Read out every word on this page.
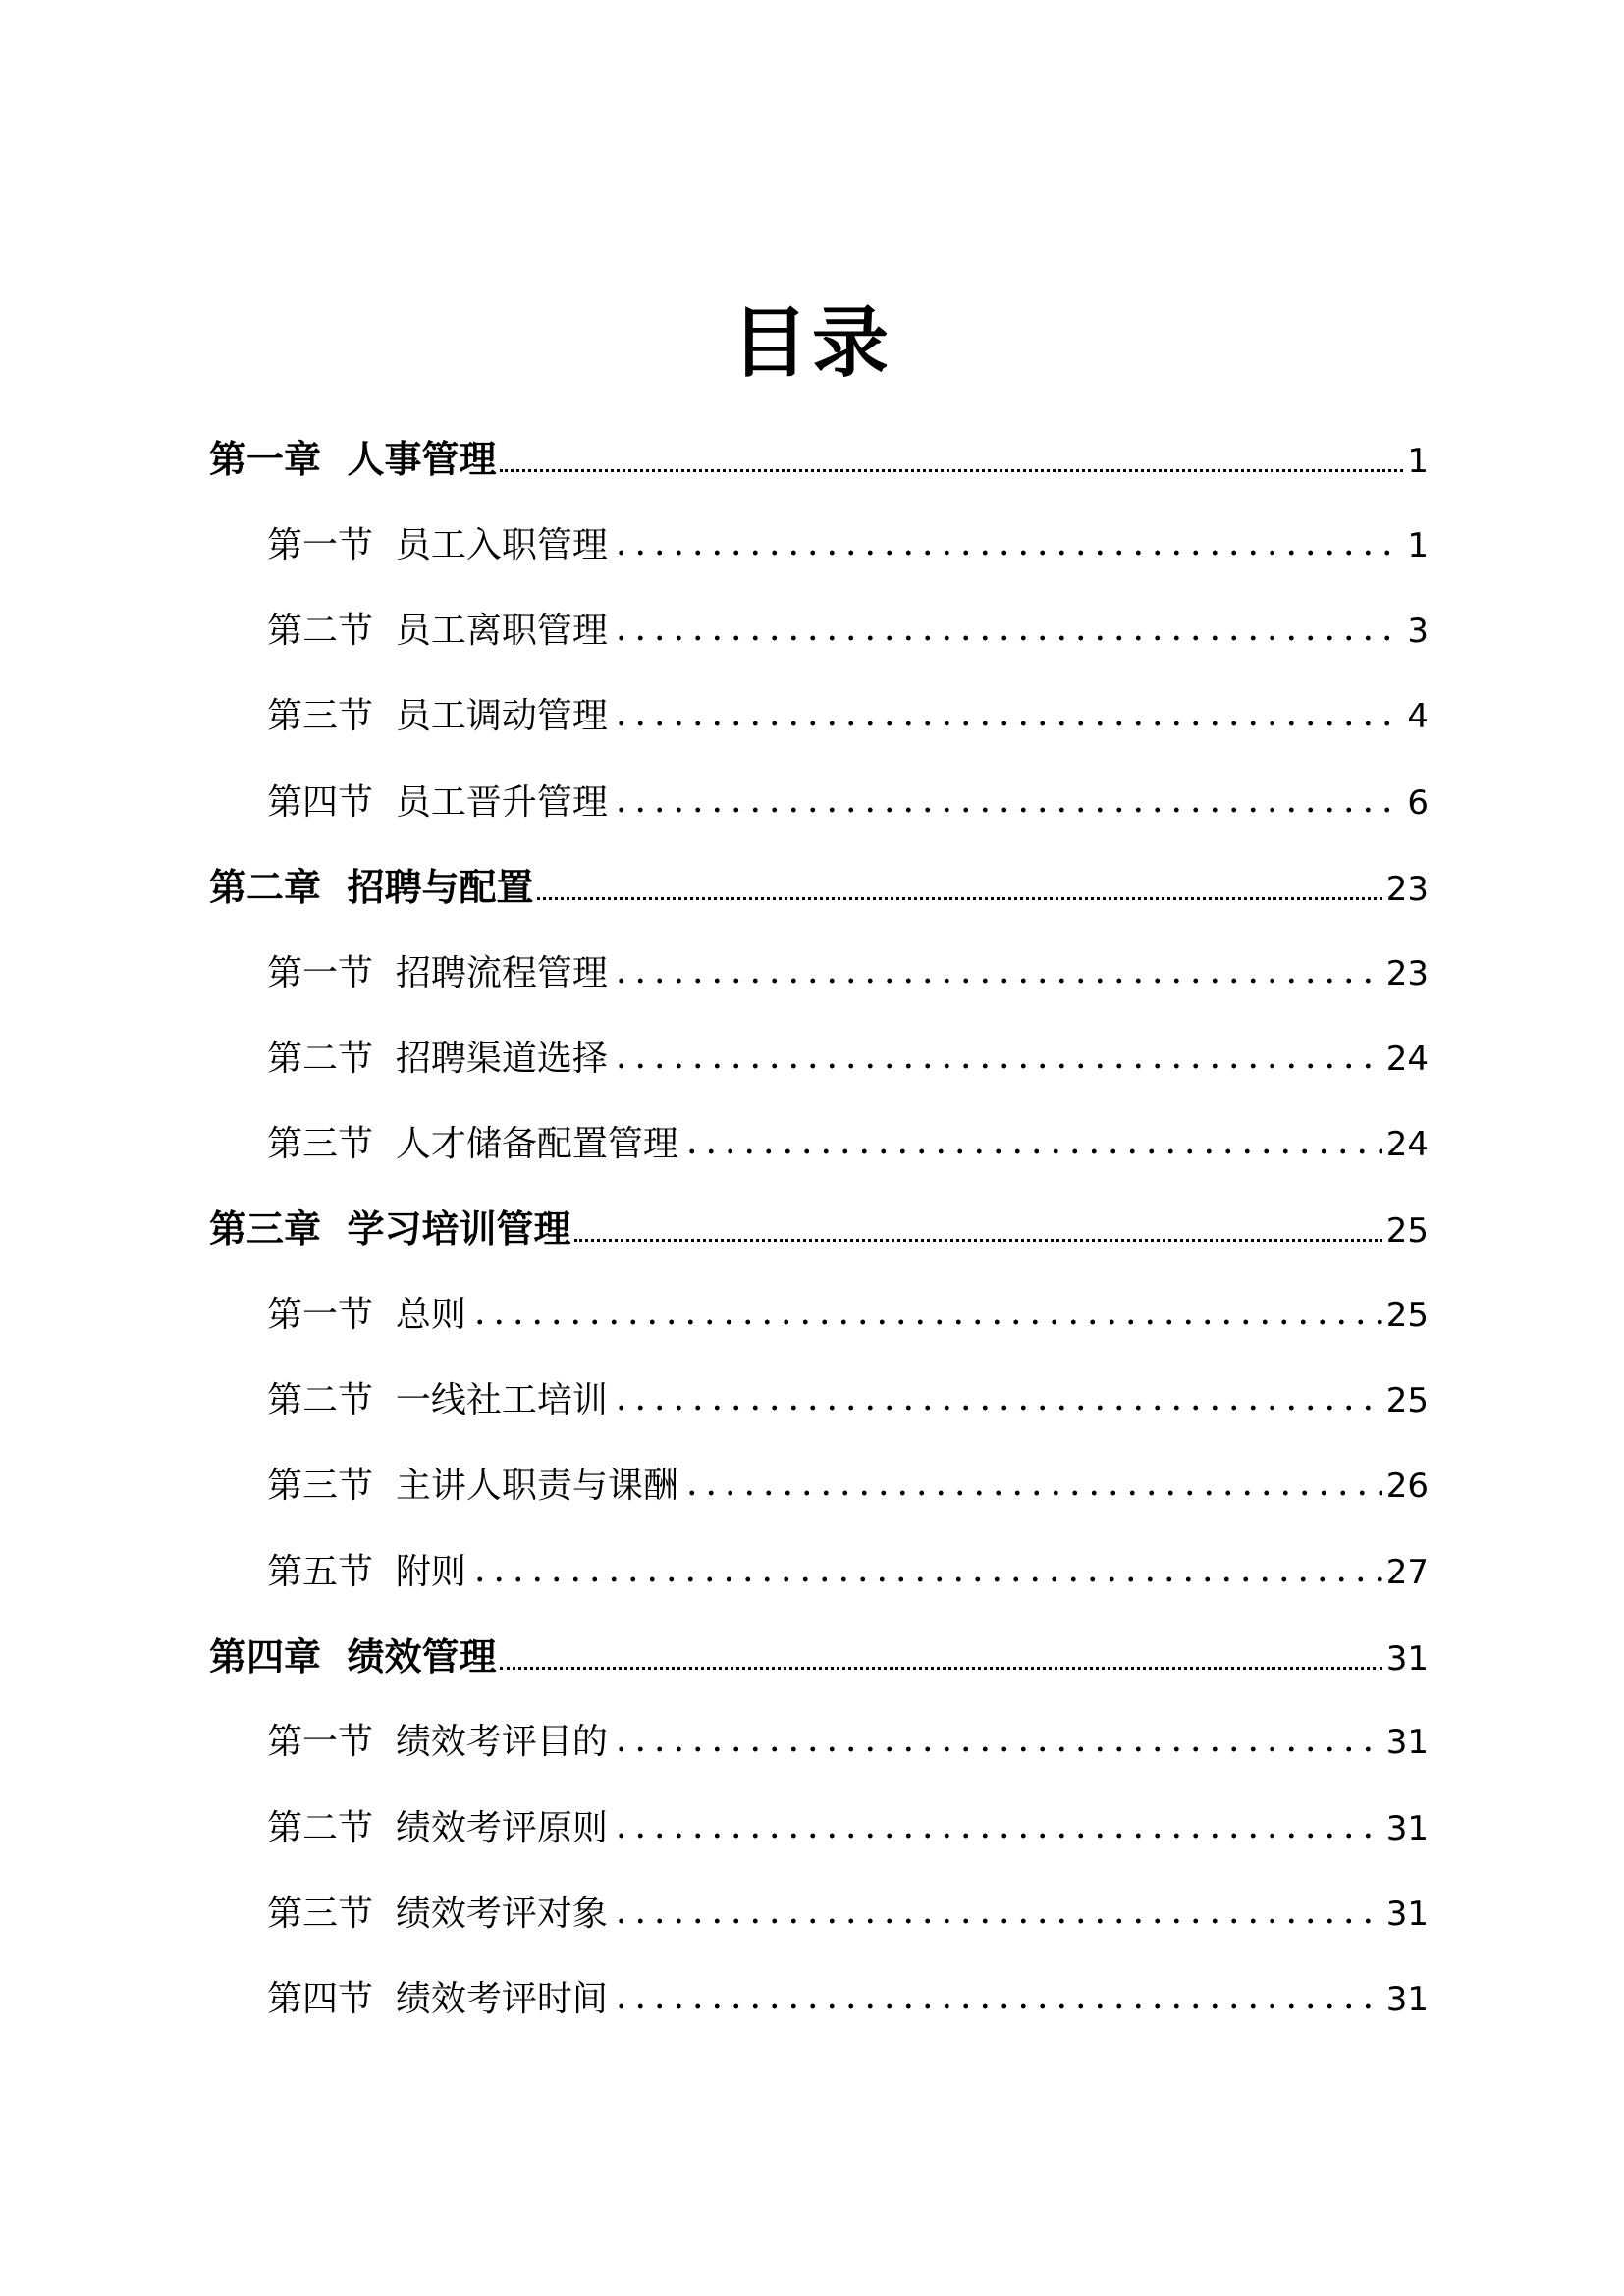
目录
第一章  人事管理	1
第一节  员工入职管理	1
第二节  员工离职管理	3
第三节  员工调动管理	4
第四节  员工晋升管理	6
第二章  招聘与配置	23
第一节  招聘流程管理	23
第二节  招聘渠道选择	24
第三节  人才储备配置管理	24
第三章  学习培训管理	25
第一节  总则	25
第二节  一线社工培训	25
第三节  主讲人职责与课酬	26
第五节  附则	27
第四章  绩效管理	31
第一节  绩效考评目的	31
第二节  绩效考评原则	31
第三节  绩效考评对象	31
第四节  绩效考评时间	31
